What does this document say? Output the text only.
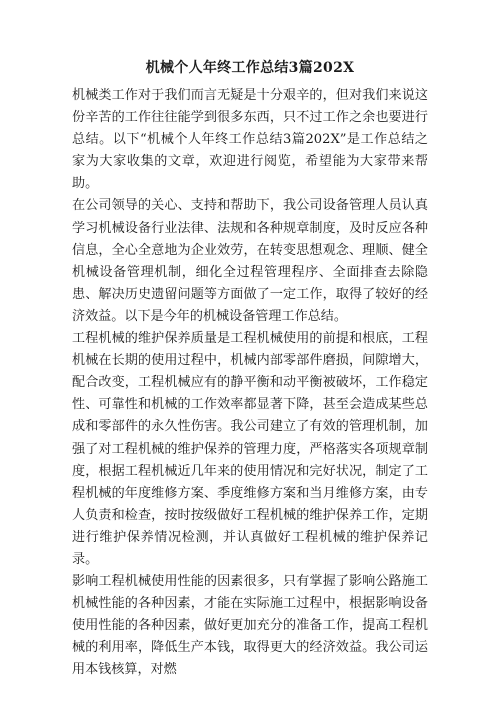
机械个人年终工作总结3篇202X

机械类工作对于我们而言无疑是十分艰辛的，但对我们来说这份辛苦的工作往往能学到很多东西，只不过工作之余也要进行总结。以下“机械个人年终工作总结3篇202X”是工作总结之家为大家收集的文章，欢迎进行阅览，希望能为大家带来帮助。

在公司领导的关心、支持和帮助下，我公司设备管理人员认真学习机械设备行业法律、法规和各种规章制度，及时反应各种信息，全心全意地为企业效劳，在转变思想观念、理顺、健全机械设备管理机制，细化全过程管理程序、全面排查去除隐患、解决历史遗留问题等方面做了一定工作，取得了较好的经济效益。以下是今年的机械设备管理工作总结。

工程机械的维护保养质量是工程机械使用的前提和根底，工程机械在长期的使用过程中，机械内部零部件磨损，间隙增大，配合改变，工程机械应有的静平衡和动平衡被破坏，工作稳定性、可靠性和机械的工作效率都显著下降，甚至会造成某些总成和零部件的永久性伤害。我公司建立了有效的管理机制，加强了对工程机械的维护保养的管理力度，严格落实各项规章制度，根据工程机械近几年来的使用情况和完好状况，制定了工程机械的年度维修方案、季度维修方案和当月维修方案，由专人负责和检查，按时按级做好工程机械的维护保养工作，定期进行维护保养情况检测，并认真做好工程机械的维护保养记录。

影响工程机械使用性能的因素很多，只有掌握了影响公路施工机械性能的各种因素，才能在实际施工过程中，根据影响设备使用性能的各种因素，做好更加充分的准备工作，提高工程机械的利用率，降低生产本钱，取得更大的经济效益。我公司运用本钱核算，对燃
